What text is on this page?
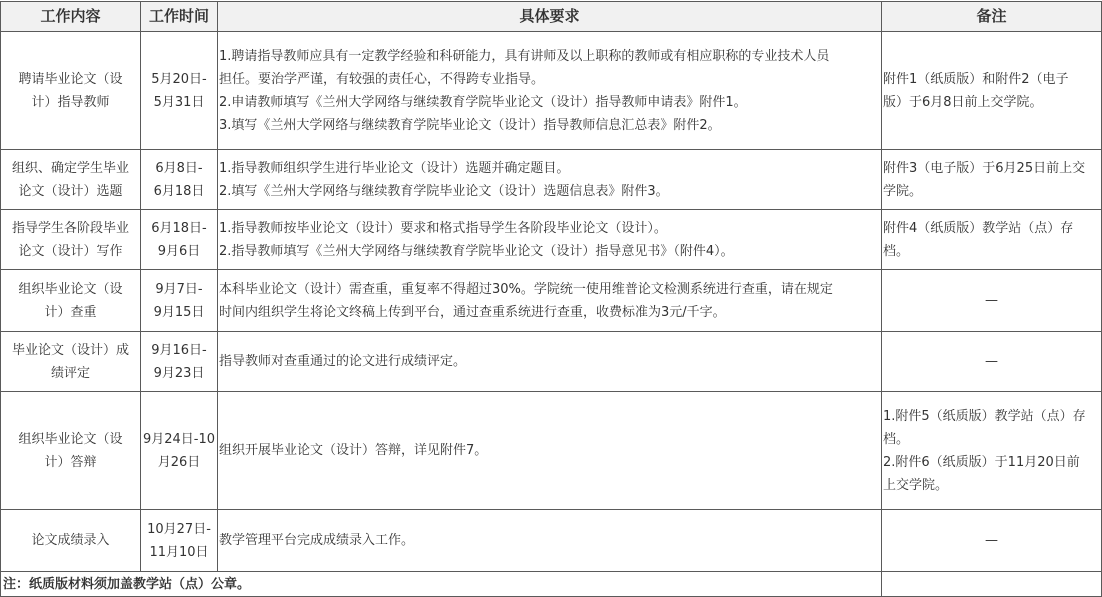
工作内容	工作时间	具体要求	备注

聘请毕业论文（设
计）指导教师	5月20日-
5月31日	1.聘请指导教师应具有一定教学经验和科研能力，具有讲师及以上职称的教师或有相应职称的专业技术人员
担任。要治学严谨，有较强的责任心，不得跨专业指导。
2.申请教师填写《兰州大学网络与继续教育学院毕业论文（设计）指导教师申请表》附件1。
3.填写《兰州大学网络与继续教育学院毕业论文（设计）指导教师信息汇总表》附件2。	附件1（纸质版）和附件2（电子
版）于6月8日前上交学院。

组织、确定学生毕业
论文（设计）选题	6月8日-
6月18日	1.指导教师组织学生进行毕业论文（设计）选题并确定题目。
2.填写《兰州大学网络与继续教育学院毕业论文（设计）选题信息表》附件3。	附件3（电子版）于6月25日前上交
学院。

指导学生各阶段毕业
论文（设计）写作	6月18日-
9月6日	1.指导教师按毕业论文（设计）要求和格式指导学生各阶段毕业论文（设计）。
2.指导教师填写《兰州大学网络与继续教育学院毕业论文（设计）指导意见书》（附件4）。	附件4（纸质版）教学站（点）存
档。

组织毕业论文（设
计）查重	9月7日-
9月15日	本科毕业论文（设计）需查重，重复率不得超过30%。学院统一使用维普论文检测系统进行查重，请在规定
时间内组织学生将论文终稿上传到平台，通过查重系统进行查重，收费标准为3元/千字。	—

毕业论文（设计）成
绩评定	9月16日-
9月23日	指导教师对查重通过的论文进行成绩评定。	—

组织毕业论文（设
计）答辩	9月24日-10
月26日	组织开展毕业论文（设计）答辩，详见附件7。	1.附件5（纸质版）教学站（点）存
档。
2.附件6（纸质版）于11月20日前
上交学院。

论文成绩录入	10月27日-
11月10日	教学管理平台完成成绩录入工作。	—

注：纸质版材料须加盖教学站（点）公章。			
